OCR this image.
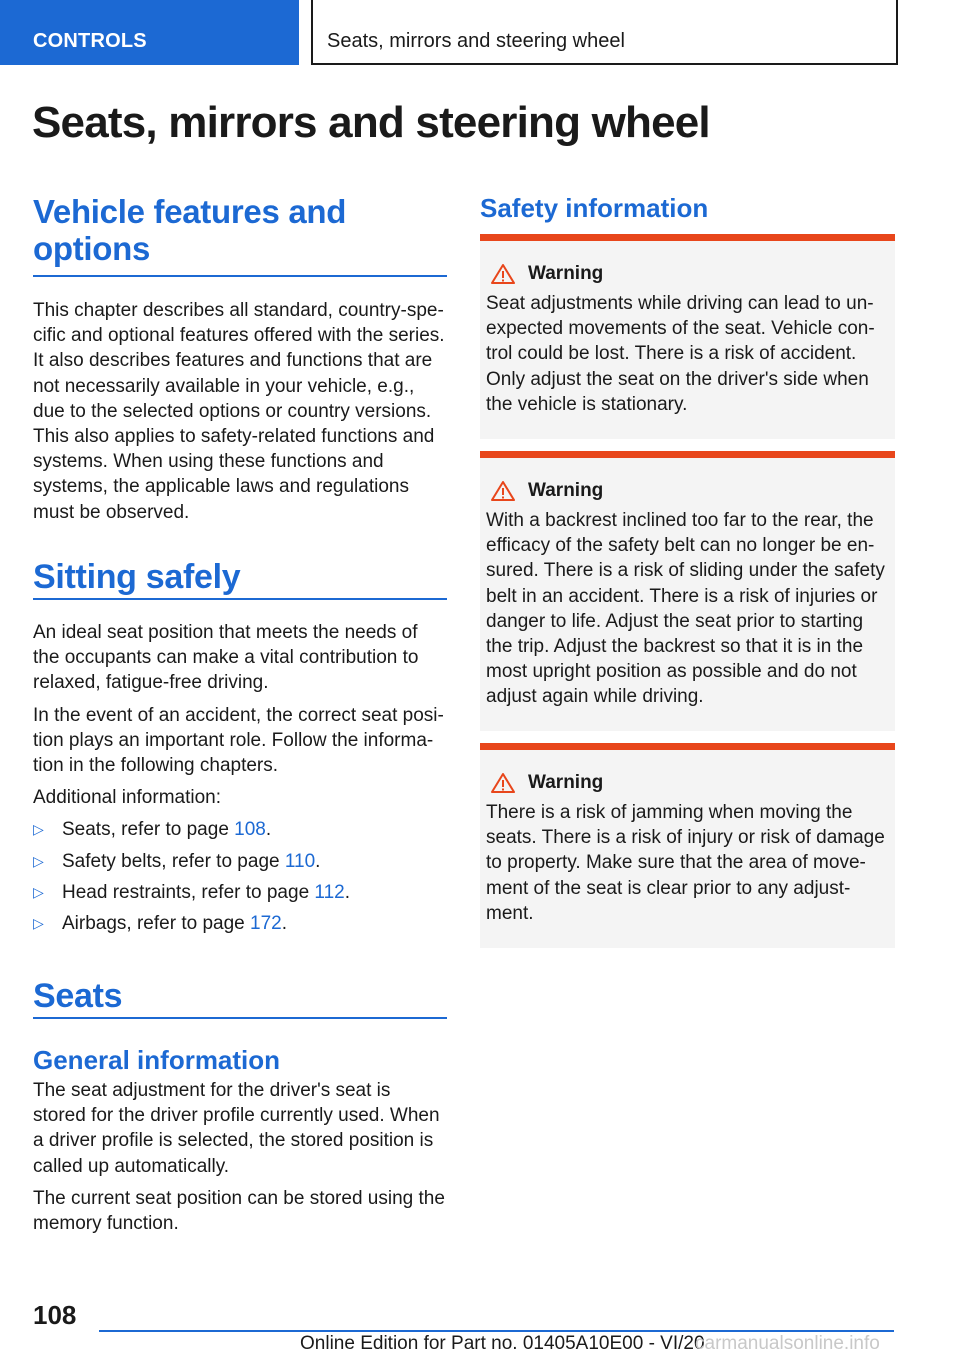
CONTROLS	Seats, mirrors and steering wheel
Seats, mirrors and steering wheel
Vehicle features and options

This chapter describes all standard, country-specific and optional features offered with the series. It also describes features and functions that are not necessarily available in your vehicle, e.g., due to the selected options or country versions. This also applies to safety-related functions and systems. When using these functions and systems, the applicable laws and regulations must be observed.

Sitting safely

An ideal seat position that meets the needs of the occupants can make a vital contribution to relaxed, fatigue-free driving.

In the event of an accident, the correct seat position plays an important role. Follow the information in the following chapters.

Additional information:

▷ Seats, refer to page 108.
▷ Safety belts, refer to page 110.
▷ Head restraints, refer to page 112.
▷ Airbags, refer to page 172.
Seats
General information

The seat adjustment for the driver's seat is stored for the driver profile currently used. When a driver profile is selected, the stored position is called up automatically.

The current seat position can be stored using the memory function.

Safety information
Warning

Seat adjustments while driving can lead to unexpected movements of the seat. Vehicle control could be lost. There is a risk of accident. Only adjust the seat on the driver's side when the vehicle is stationary.

Warning

With a backrest inclined too far to the rear, the efficacy of the safety belt can no longer be ensured. There is a risk of sliding under the safety belt in an accident. There is a risk of injuries or danger to life. Adjust the seat prior to starting the trip. Adjust the backrest so that it is in the most upright position as possible and do not adjust again while driving.

Warning

There is a risk of jamming when moving the seats. There is a risk of injury or risk of damage to property. Make sure that the area of movement of the seat is clear prior to any adjustment.

108
Online Edition for Part no. 01405A10E00 - VI/20
carmanualsonline.info
